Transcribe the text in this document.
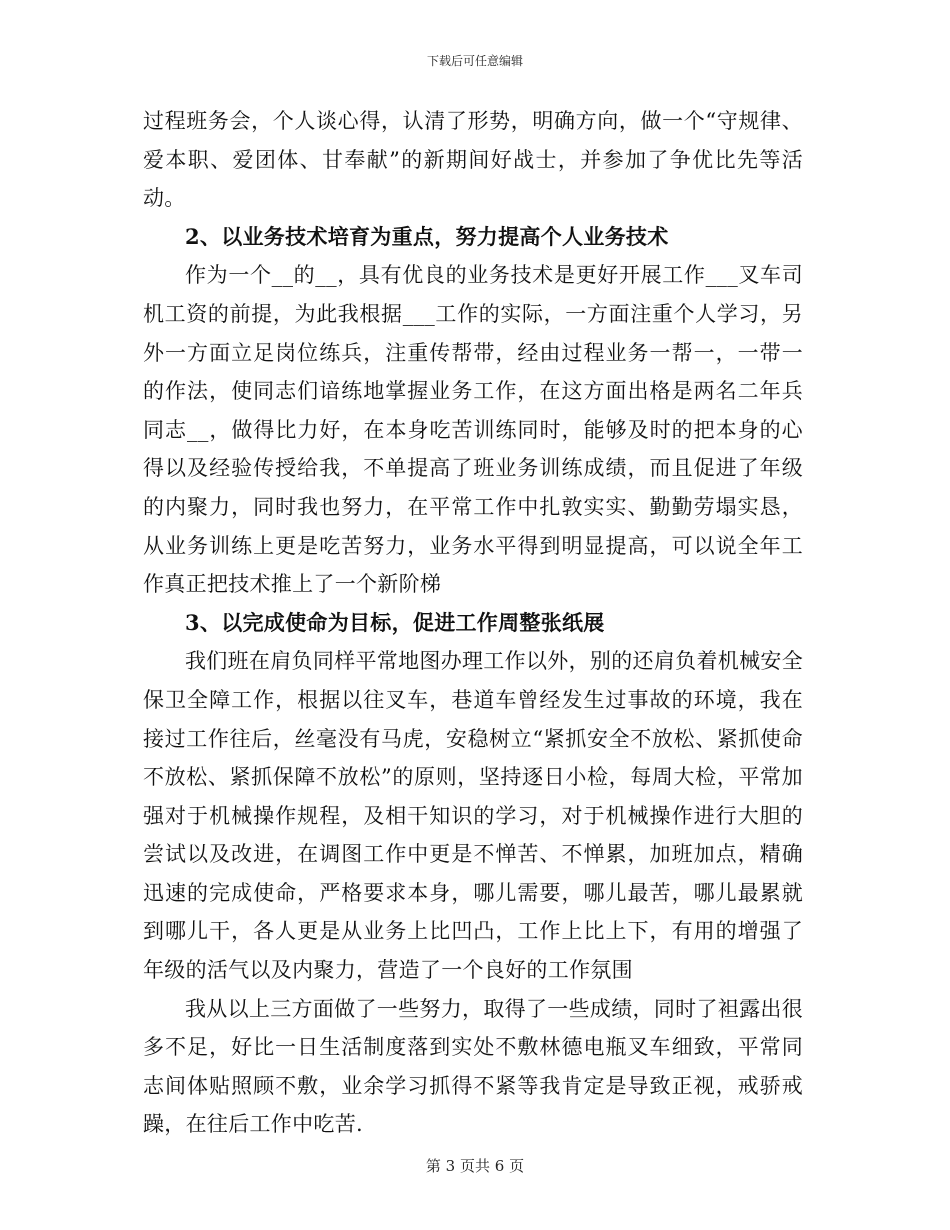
下载后可任意编辑

过程班务会，个人谈心得，认清了形势，明确方向，做一个“守规律、爱本职、爱团体、甘奉献”的新期间好战士，并参加了争优比先等活动。

2、以业务技术培育为重点，努力提高个人业务技术

作为一个__的__，具有优良的业务技术是更好开展工作___叉车司机工资的前提，为此我根据___工作的实际，一方面注重个人学习，另外一方面立足岗位练兵，注重传帮带，经由过程业务一帮一，一带一的作法，使同志们谙练地掌握业务工作，在这方面出格是两名二年兵同志__，做得比力好，在本身吃苦训练同时，能够及时的把本身的心得以及经验传授给我，不单提高了班业务训练成绩，而且促进了年级的内聚力，同时我也努力，在平常工作中扎敦实实、勤勤劳塌实恳，从业务训练上更是吃苦努力，业务水平得到明显提高，可以说全年工作真正把技术推上了一个新阶梯

3、以完成使命为目标，促进工作周整张纸展

我们班在肩负同样平常地图办理工作以外，别的还肩负着机械安全保卫全障工作，根据以往叉车，巷道车曾经发生过事故的环境，我在接过工作往后，丝毫没有马虎，安稳树立“紧抓安全不放松、紧抓使命不放松、紧抓保障不放松”的原则，坚持逐日小检，每周大检，平常加强对于机械操作规程，及相干知识的学习，对于机械操作进行大胆的尝试以及改进，在调图工作中更是不惮苦、不惮累，加班加点，精确迅速的完成使命，严格要求本身，哪儿需要，哪儿最苦，哪儿最累就到哪儿干，各人更是从业务上比凹凸，工作上比上下，有用的增强了年级的活气以及内聚力，营造了一个良好的工作氛围

我从以上三方面做了一些努力，取得了一些成绩，同时了袒露出很多不足，好比一日生活制度落到实处不敷林德电瓶叉车细致，平常同志间体贴照顾不敷，业余学习抓得不紧等我肯定是导致正视，戒骄戒躁，在往后工作中吃苦.

第 3 页共 6 页
